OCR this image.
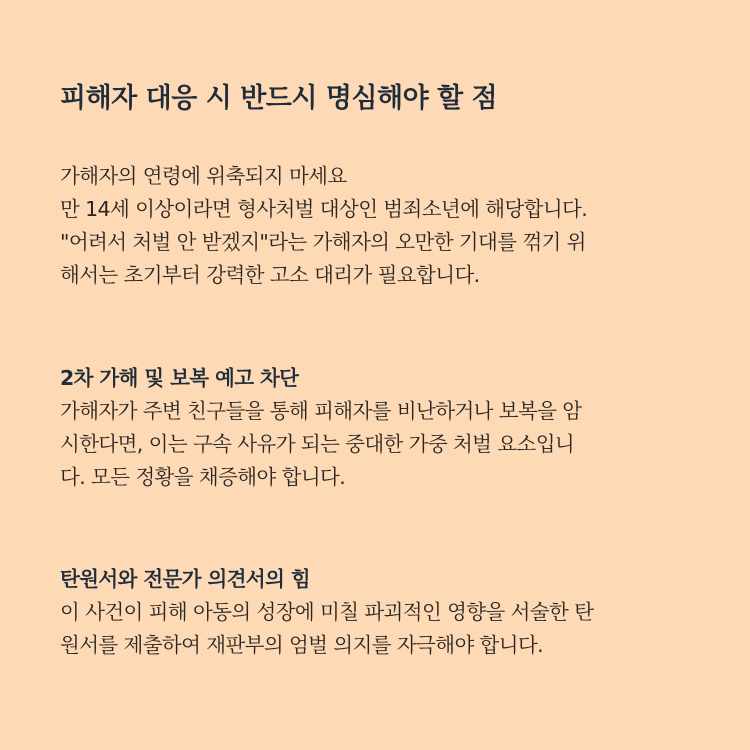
피해자 대응 시 반드시 명심해야 할 점

가해자의 연령에 위축되지 마세요

만 14세 이상이라면 형사처벌 대상인 범죄소년에 해당합니다.

"어려서 처벌 안 받겠지"라는 가해자의 오만한 기대를 꺾기 위

해서는 초기부터 강력한 고소 대리가 필요합니다.

2차 가해 및 보복 예고 차단

가해자가 주변 친구들을 통해 피해자를 비난하거나 보복을 암

시한다면, 이는 구속 사유가 되는 중대한 가중 처벌 요소입니

다. 모든 정황을 채증해야 합니다.

탄원서와 전문가 의견서의 힘

이 사건이 피해 아동의 성장에 미칠 파괴적인 영향을 서술한 탄

원서를 제출하여 재판부의 엄벌 의지를 자극해야 합니다.
